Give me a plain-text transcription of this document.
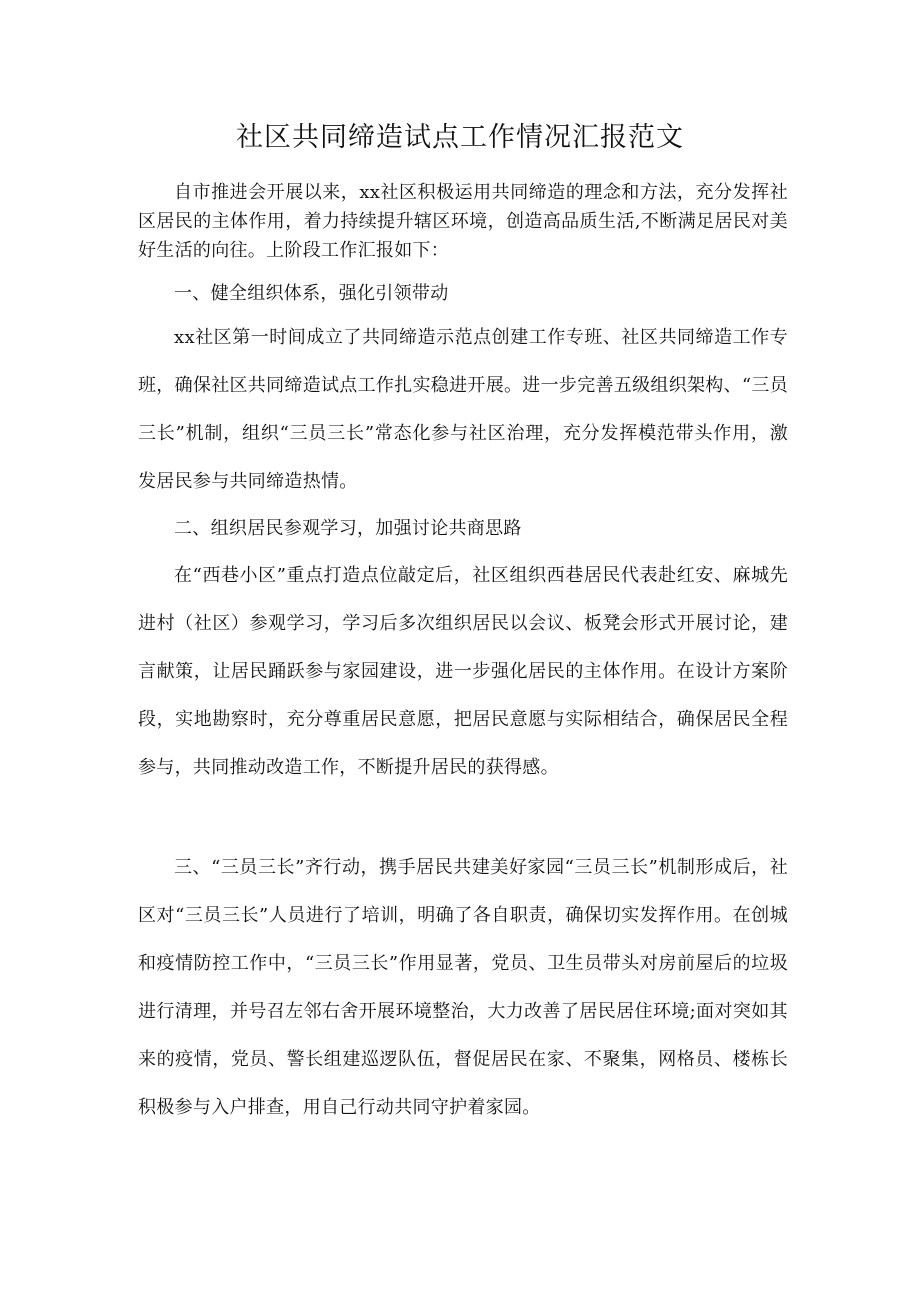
社区共同缔造试点工作情况汇报范文

自市推进会开展以来，xx社区积极运用共同缔造的理念和方法，充分发挥社区居民的主体作用，着力持续提升辖区环境，创造高品质生活,不断满足居民对美好生活的向往。上阶段工作汇报如下：

一、健全组织体系，强化引领带动

xx社区第一时间成立了共同缔造示范点创建工作专班、社区共同缔造工作专班，确保社区共同缔造试点工作扎实稳进开展。进一步完善五级组织架构、“三员三长”机制，组织“三员三长”常态化参与社区治理，充分发挥模范带头作用，激发居民参与共同缔造热情。

二、组织居民参观学习，加强讨论共商思路

在“西巷小区”重点打造点位敲定后，社区组织西巷居民代表赴红安、麻城先进村（社区）参观学习，学习后多次组织居民以会议、板凳会形式开展讨论，建言献策，让居民踊跃参与家园建设，进一步强化居民的主体作用。在设计方案阶段，实地勘察时，充分尊重居民意愿，把居民意愿与实际相结合，确保居民全程参与，共同推动改造工作，不断提升居民的获得感。

三、“三员三长”齐行动，携手居民共建美好家园“三员三长”机制形成后，社区对“三员三长”人员进行了培训，明确了各自职责，确保切实发挥作用。在创城和疫情防控工作中，“三员三长”作用显著，党员、卫生员带头对房前屋后的垃圾进行清理，并号召左邻右舍开展环境整治，大力改善了居民居住环境;面对突如其来的疫情，党员、警长组建巡逻队伍，督促居民在家、不聚集，网格员、楼栋长积极参与入户排查，用自己行动共同守护着家园。
